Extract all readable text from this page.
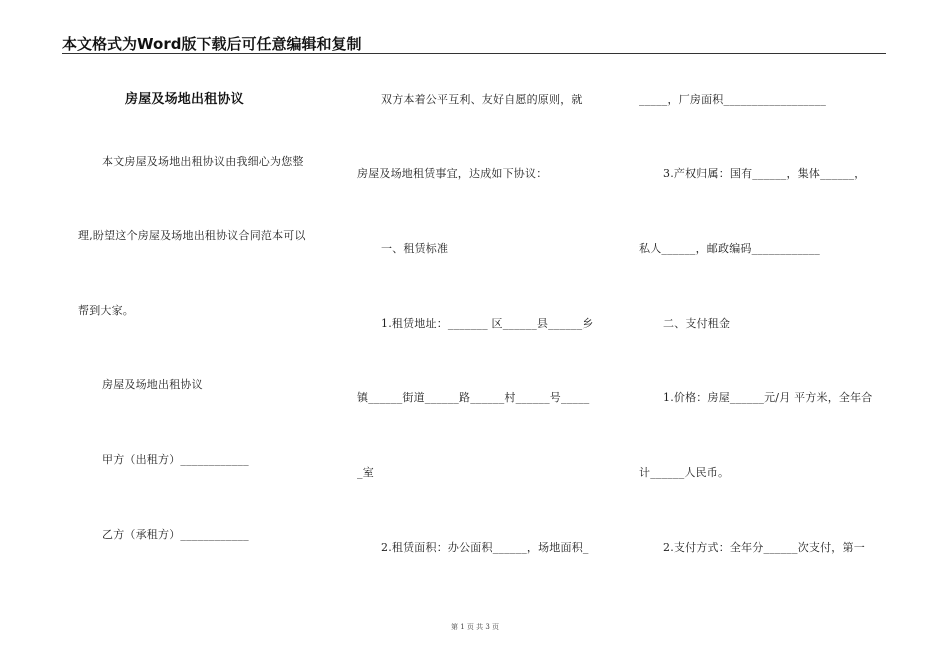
本文格式为Word版下载后可任意编辑和复制
房屋及场地出租协议
本文房屋及场地出租协议由我细心为您整
理,盼望这个房屋及场地出租协议合同范本可以
帮到大家。
房屋及场地出租协议
甲方（出租方）____________
乙方（承租方）____________
双方本着公平互利、友好自愿的原则，就
房屋及场地租赁事宜，达成如下协议：
一、租赁标准
1.租赁地址：_______ 区______县______乡
镇______街道______路______村______号_____
_室
2.租赁面积：办公面积______，场地面积_
_____，厂房面积__________________
3.产权归属：国有______，集体______，
私人______，邮政编码____________
二、支付租金
1.价格：房屋______元/月 平方米，全年合
计______人民币。
2.支付方式：全年分______次支付，第一
第 1 页 共 3 页
